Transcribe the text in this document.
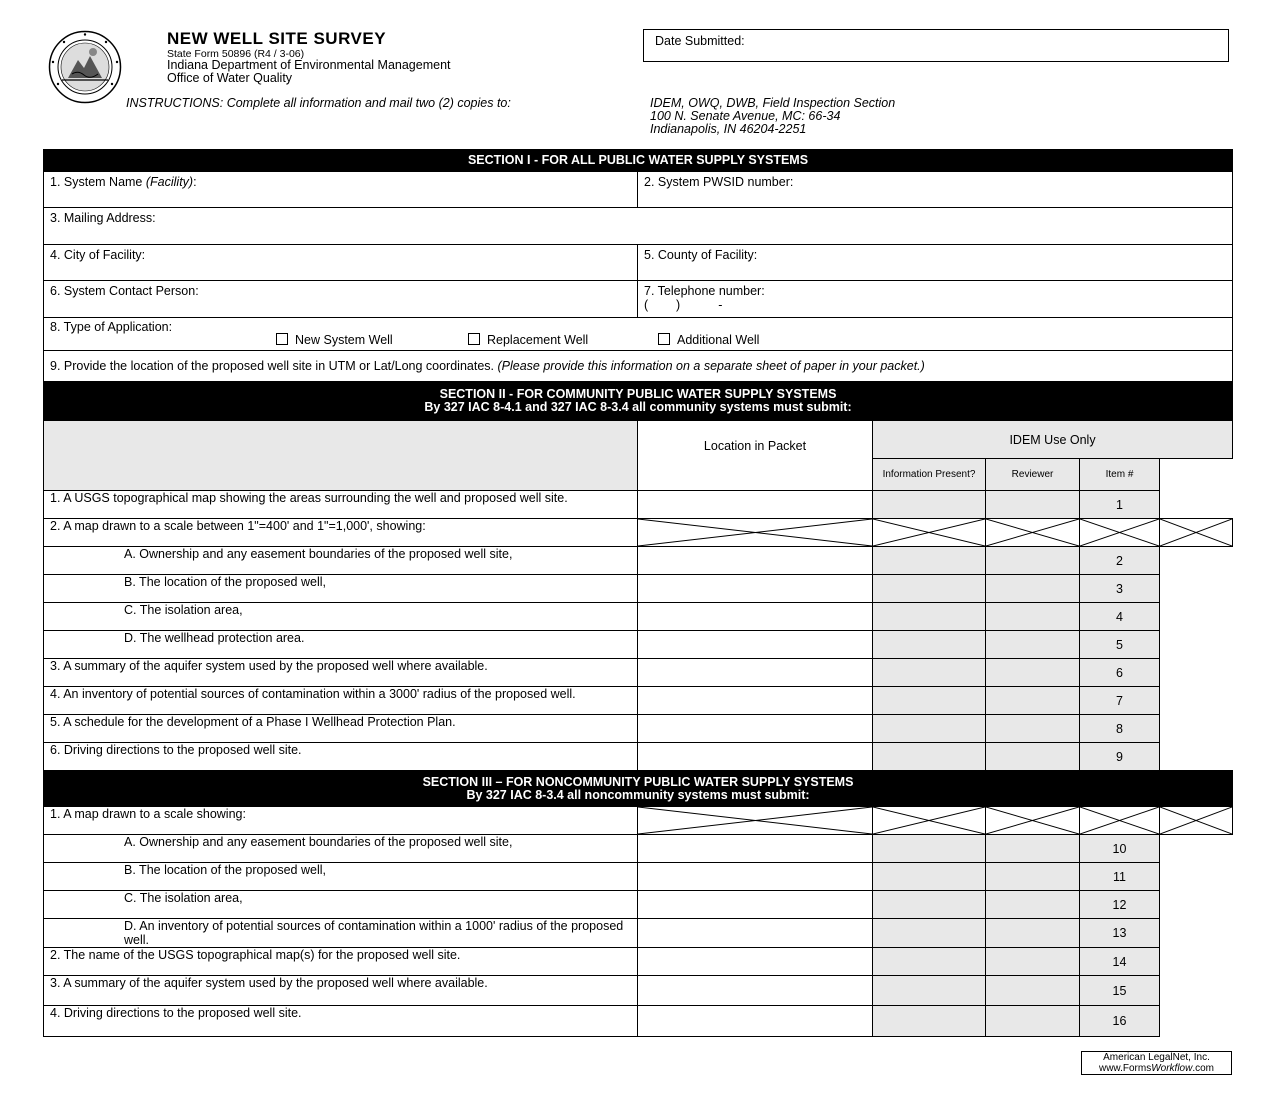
NEW WELL SITE SURVEY
State Form 50896 (R4 / 3-06)
Indiana Department of Environmental Management
Office of Water Quality
Date Submitted:
INSTRUCTIONS: Complete all information and mail two (2) copies to:	IDEM, OWQ, DWB, Field Inspection Section
100 N. Senate Avenue, MC: 66-34
Indianapolis, IN 46204-2251
SECTION I - FOR ALL PUBLIC WATER SUPPLY SYSTEMS					
1. System Name (Facility):	2. System PWSID number:				
3. Mailing Address:					
4. City of Facility:	5. County of Facility:				
6. System Contact Person:	7. Telephone number:
(        )           -				
8. Type of Application:
New System Well Replacement Well Additional Well					

9. Provide the location of the proposed well site in UTM or Lat/Long coordinates. (Please provide this information on a separate sheet of paper in your packet.)					

SECTION II - FOR COMMUNITY PUBLIC WATER SUPPLY SYSTEMS
By 327 IAC 8-4.1 and 327 IAC 8-3.4 all community systems must submit:					

	Location in Packet	IDEM Use Only			
		Information Present?	Reviewer	Item #	
1. A USGS topographical map showing the areas surrounding the well and proposed well site.				1	
2. A map drawn to a scale between 1"=400' and 1"=1,000', showing:	

A. Ownership and any easement boundaries of the proposed well site,				2	
B. The location of the proposed well,				3	
C. The isolation area,				4	
D. The wellhead protection area.				5	
3. A summary of the aquifer system used by the proposed well where available.				6	
4. An inventory of potential sources of contamination within a 3000' radius of the proposed well.				7	
5. A schedule for the development of a Phase I Wellhead Protection Plan.				8	
6. Driving directions to the proposed well site.				9	

SECTION III – FOR NONCOMMUNITY PUBLIC WATER SUPPLY SYSTEMS
By 327 IAC 8-3.4 all noncommunity systems must submit:					

1. A map drawn to a scale showing:	

A. Ownership and any easement boundaries of the proposed well site,				10	
B. The location of the proposed well,				11	
C. The isolation area,				12	
D. An inventory of potential sources of contamination within a 1000' radius of the proposed well.				13	
2. The name of the USGS topographical map(s) for the proposed well site.				14	
3. A summary of the aquifer system used by the proposed well where available.				15	
4. Driving directions to the proposed well site.				16	
American LegalNet, Inc.
www.FormsWorkflow.com
